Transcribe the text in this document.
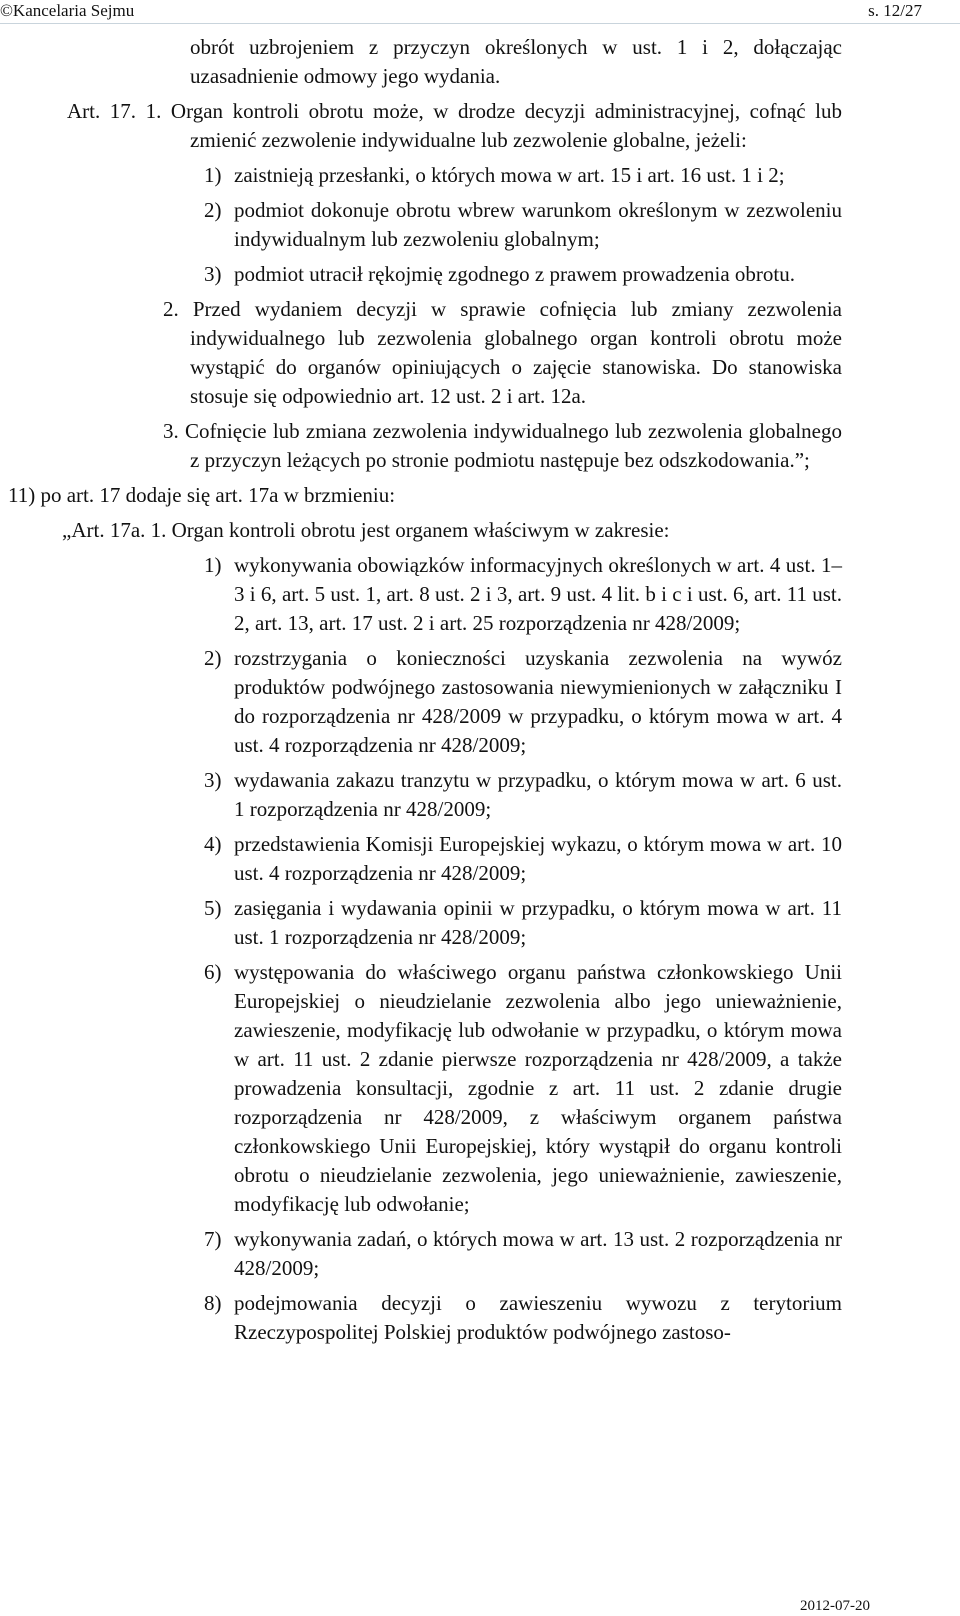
©Kancelaria Sejmu	s. 12/27

obrót uzbrojeniem z przyczyn określonych w ust. 1 i 2, dołączając uzasadnienie odmowy jego wydania.

Art. 17. 1. Organ kontroli obrotu może, w drodze decyzji administracyjnej, cofnąć lub zmienić zezwolenie indywidualne lub zezwolenie globalne, jeżeli:

1) zaistnieją przesłanki, o których mowa w art. 15 i art. 16 ust. 1 i 2;
2) podmiot dokonuje obrotu wbrew warunkom określonym w zezwoleniu indywidualnym lub zezwoleniu globalnym;
3) podmiot utracił rękojmię zgodnego z prawem prowadzenia obrotu.

2. Przed wydaniem decyzji w sprawie cofnięcia lub zmiany zezwolenia indywidualnego lub zezwolenia globalnego organ kontroli obrotu może wystąpić do organów opiniujących o zajęcie stanowiska. Do stanowiska stosuje się odpowiednio art. 12 ust. 2 i art. 12a.

3. Cofnięcie lub zmiana zezwolenia indywidualnego lub zezwolenia globalnego z przyczyn leżących po stronie podmiotu następuje bez odszkodowania.”;

11) po art. 17 dodaje się art. 17a w brzmieniu:

„Art. 17a. 1. Organ kontroli obrotu jest organem właściwym w zakresie:

1) wykonywania obowiązków informacyjnych określonych w art. 4 ust. 1–3 i 6, art. 5 ust. 1, art. 8 ust. 2 i 3, art. 9 ust. 4 lit. b i c i ust. 6, art. 11 ust. 2, art. 13, art. 17 ust. 2 i art. 25 rozporządzenia nr 428/2009;
2) rozstrzygania o konieczności uzyskania zezwolenia na wywóz produktów podwójnego zastosowania niewymienionych w załączniku I do rozporządzenia nr 428/2009 w przypadku, o którym mowa w art. 4 ust. 4 rozporządzenia nr 428/2009;
3) wydawania zakazu tranzytu w przypadku, o którym mowa w art. 6 ust. 1 rozporządzenia nr 428/2009;
4) przedstawienia Komisji Europejskiej wykazu, o którym mowa w art. 10 ust. 4 rozporządzenia nr 428/2009;
5) zasięgania i wydawania opinii w przypadku, o którym mowa w art. 11 ust. 1 rozporządzenia nr 428/2009;
6) występowania do właściwego organu państwa członkowskiego Unii Europejskiej o nieudzielanie zezwolenia albo jego unieważnienie, zawieszenie, modyfikację lub odwołanie w przypadku, o którym mowa w art. 11 ust. 2 zdanie pierwsze rozporządzenia nr 428/2009, a także prowadzenia konsultacji, zgodnie z art. 11 ust. 2 zdanie drugie rozporządzenia nr 428/2009, z właściwym organem państwa członkowskiego Unii Europejskiej, który wystąpił do organu kontroli obrotu o nieudzielanie zezwolenia, jego unieważnienie, zawieszenie, modyfikację lub odwołanie;
7) wykonywania zadań, o których mowa w art. 13 ust. 2 rozporządzenia nr 428/2009;
8) podejmowania decyzji o zawieszeniu wywozu z terytorium Rzeczypospolitej Polskiej produktów podwójnego zastoso-
2012-07-20
